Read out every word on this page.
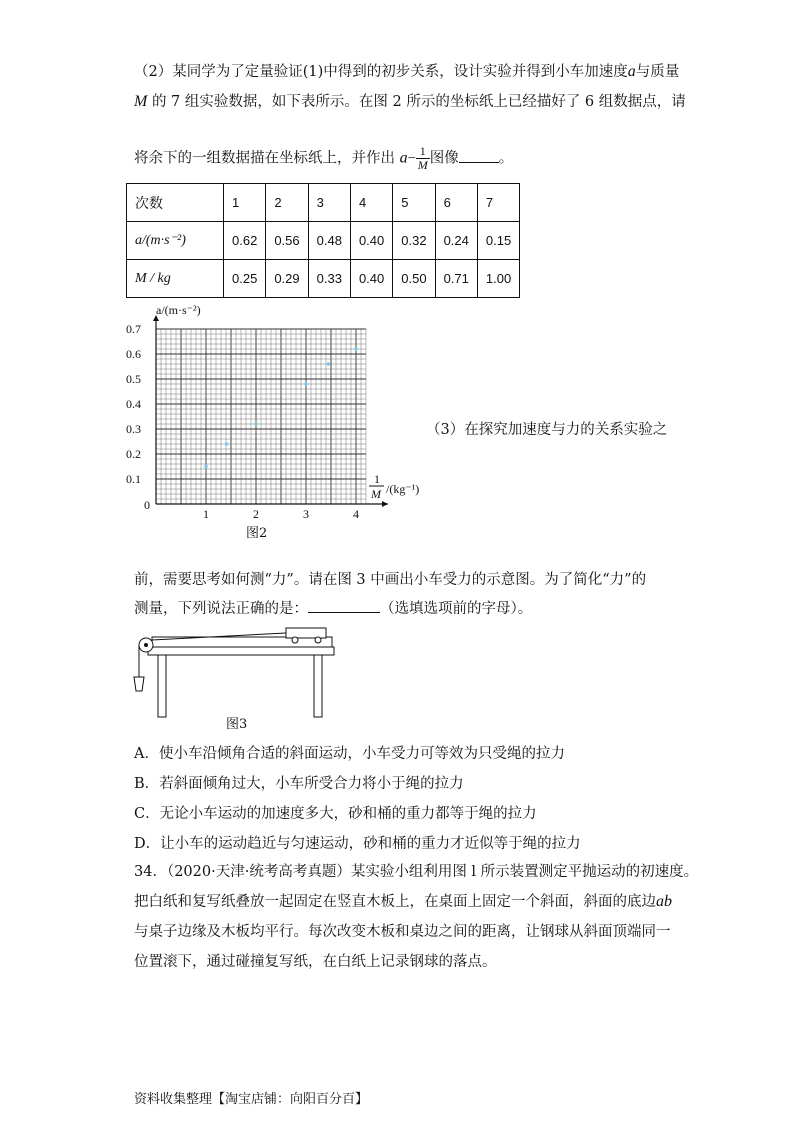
（2）某同学为了定量验证(1)中得到的初步关系，设计实验并得到小车加速度a与质量
M 的 7 组实验数据，如下表所示。在图 2 所示的坐标纸上已经描好了 6 组数据点，请
将余下的一组数据描在坐标纸上，并作出 $a- \frac{1}{M}$ 图像	。
次数	1	2	3	4	5	6	7
a/(m·s⁻²)	0.62	0.56	0.48	0.40	0.32	0.24	0.15
M / kg	0.25	0.29	0.33	0.40	0.50	0.71	1.00
1	2	3	4
0.1
0.2
0.3
0.4
0.5
0.6
0.7
a/(m·s⁻²)
0
1
M /(kg⁻¹)
图2
（3）在探究加速度与力的关系实验之
前，需要思考如何测“力”。请在图 3 中画出小车受力的示意图。为了简化“力”的
测量，下列说法正确的是：	（选填选项前的字母）。
图3
A．使小车沿倾角合适的斜面运动，小车受力可等效为只受绳的拉力
B．若斜面倾角过大，小车所受合力将小于绳的拉力
C．无论小车运动的加速度多大，砂和桶的重力都等于绳的拉力
D．让小车的运动趋近与匀速运动，砂和桶的重力才近似等于绳的拉力
34．（2020·天津·统考高考真题）某实验小组利用图 l 所示装置测定平抛运动的初速度。
把白纸和复写纸叠放一起固定在竖直木板上，在桌面上固定一个斜面，斜面的底边ab
与桌子边缘及木板均平行。每次改变木板和桌边之间的距离，让钢球从斜面顶端同一
位置滚下，通过碰撞复写纸，在白纸上记录钢球的落点。
资料收集整理【淘宝店铺：向阳百分百】
